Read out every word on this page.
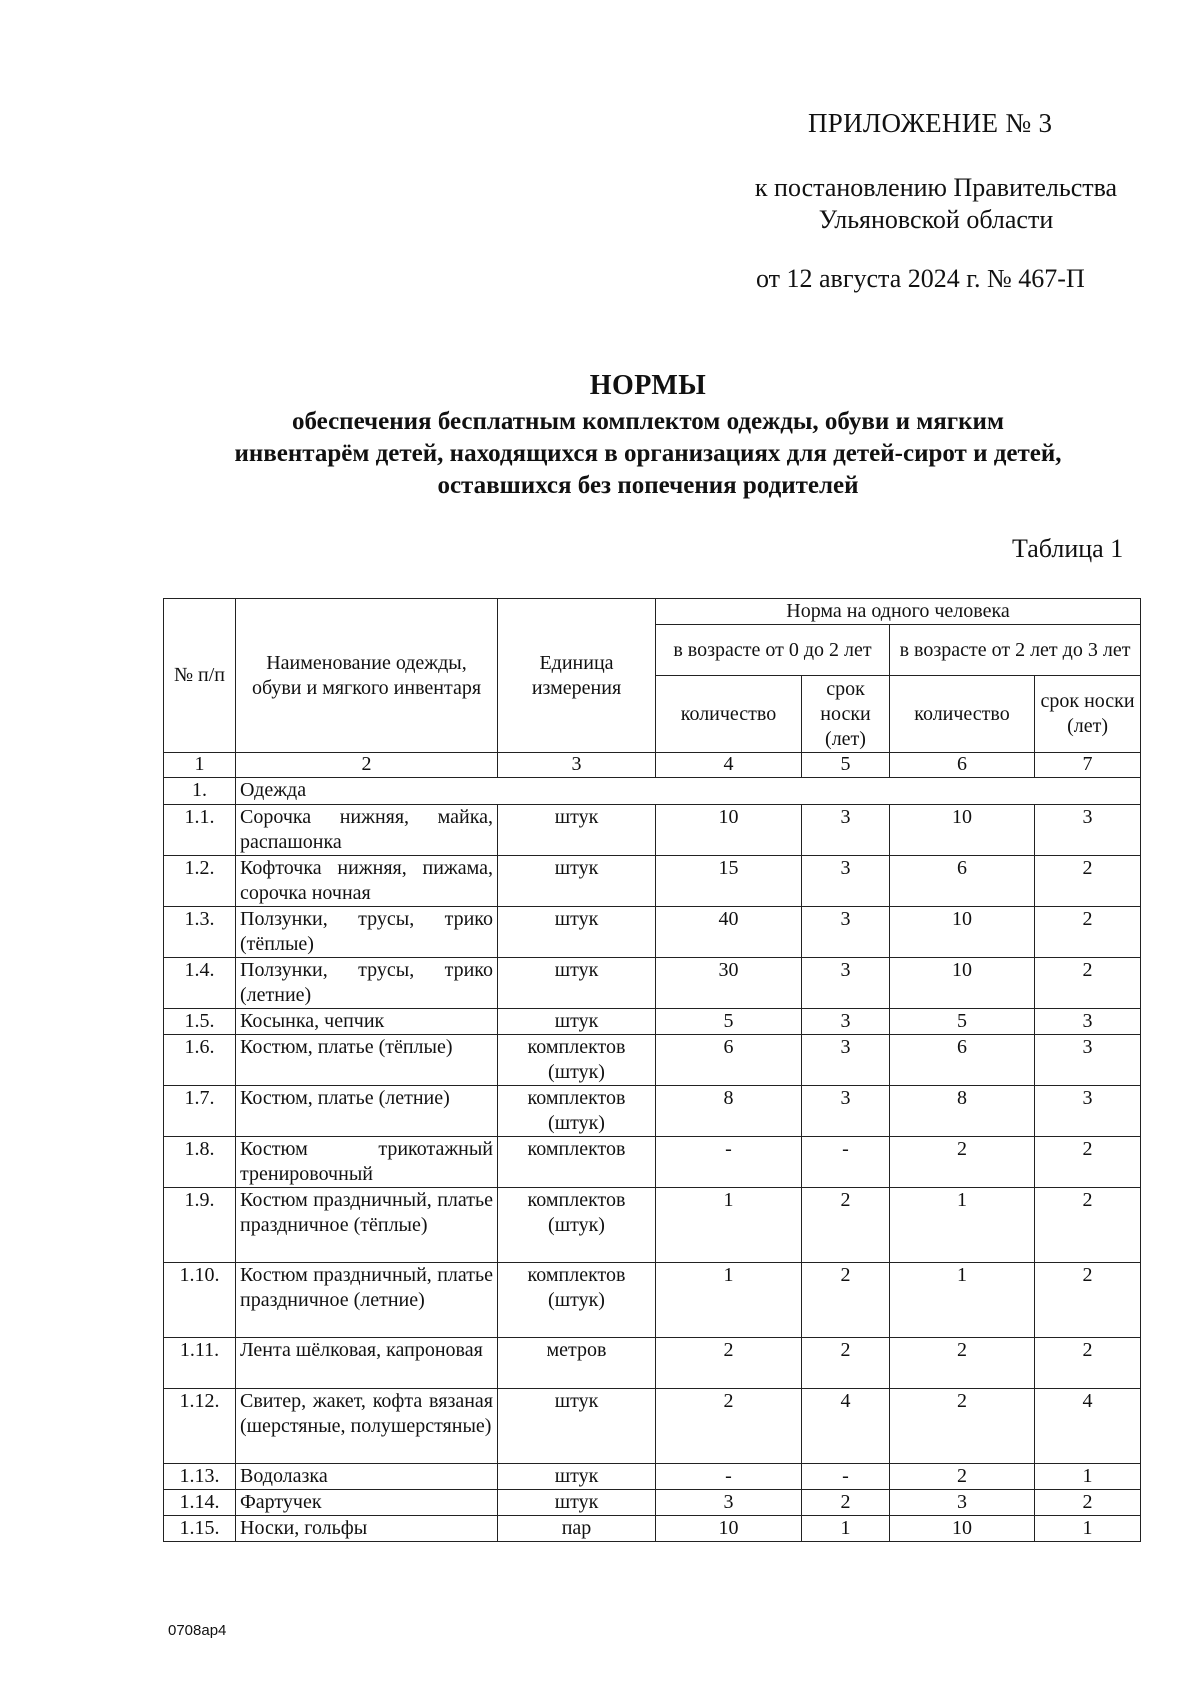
ПРИЛОЖЕНИЕ № 3
к постановлению Правительства
Ульяновской области
от 12 августа 2024 г. № 467-П
НОРМЫ
обеспечения бесплатным комплектом одежды, обуви и мягким
инвентарём детей, находящихся в организациях для детей-сирот и детей,
оставшихся без попечения родителей
Таблица 1
№ п/п	Наименование одежды, обуви и мягкого инвентаря	Единица измерения	Норма на одного человека			
			в возрасте от 0 до 2 лет		в возрасте от 2 лет до 3 лет	
			количество	срок носки (лет)	количество	срок носки (лет)
1	2	3	4	5	6	7
1.	Одежда					
1.1.	Сорочка нижняя, майка, распашонка	штук	10	3	10	3
1.2.	Кофточка нижняя, пижама, сорочка ночная	штук	15	3	6	2
1.3.	Ползунки, трусы, трико (тёплые)	штук	40	3	10	2
1.4.	Ползунки, трусы, трико (летние)	штук	30	3	10	2
1.5.	Косынка, чепчик	штук	5	3	5	3
1.6.	Костюм, платье (тёплые)	комплектов (штук)	6	3	6	3
1.7.	Костюм, платье (летние)	комплектов (штук)	8	3	8	3
1.8.	Костюм трикотажный тренировочный	комплектов	-	-	2	2
1.9.	Костюм праздничный, платье праздничное (тёплые)	комплектов (штук)	1	2	1	2
1.10.	Костюм праздничный, платье праздничное (летние)	комплектов (штук)	1	2	1	2
1.11.	Лента шёлковая, капроновая	метров	2	2	2	2
1.12.	Свитер, жакет, кофта вязаная (шерстяные, полушерстяные)	штук	2	4	2	4
1.13.	Водолазка	штук	-	-	2	1
1.14.	Фартучек	штук	3	2	3	2
1.15.	Носки, гольфы	пар	10	1	10	1
0708ар4
